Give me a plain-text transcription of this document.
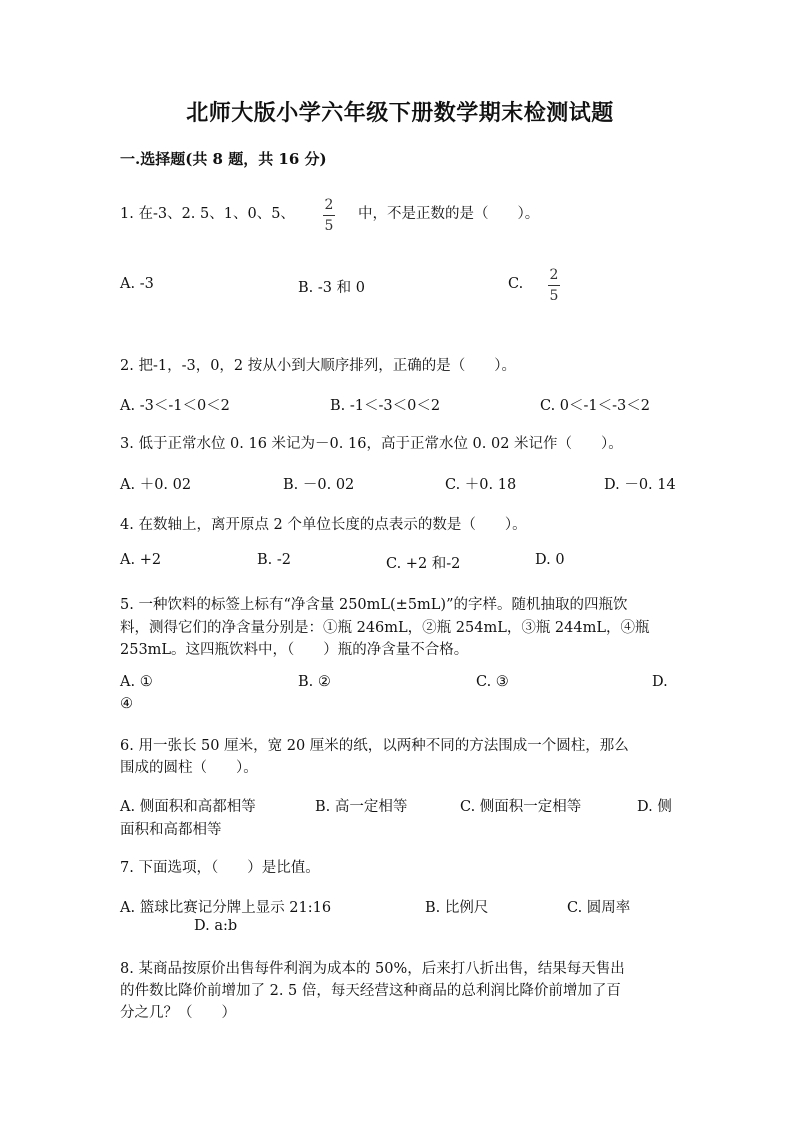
北师大版小学六年级下册数学期末检测试题
一.选择题(共 8 题，共 16 分)
1. 在-3、2. 5、1、0、5、
2
5
中，不是正数的是（　　）。
A. -3	B. -3 和 0	C.
2
5
2. 把-1，-3，0，2 按从小到大顺序排列，正确的是（　　）。
A. -3＜-1＜0＜2	B. -1＜-3＜0＜2	C. 0＜-1＜-3＜2
3. 低于正常水位 0. 16 米记为－0. 16，高于正常水位 0. 02 米记作（　　）。
A. ＋0. 02	B. －0. 02	C. ＋0. 18	D. －0. 14
4. 在数轴上，离开原点 2 个单位长度的点表示的数是（　　）。
A. +2	B. -2	C. +2 和-2	D. 0
5. 一种饮料的标签上标有“净含量 250mL(±5mL)”的字样。随机抽取的四瓶饮
料，测得它们的净含量分别是：①瓶 246mL，②瓶 254mL，③瓶 244mL，④瓶
253mL。这四瓶饮料中，（　　）瓶的净含量不合格。
A. ①	B. ②	C. ③	D.
④
6. 用一张长 50 厘米，宽 20 厘米的纸，以两种不同的方法围成一个圆柱，那么
围成的圆柱（　　）。
A. 侧面积和高都相等	B. 高一定相等	C. 侧面积一定相等	D. 侧
面积和高都相等
7. 下面选项，（　　）是比值。
A. 篮球比赛记分牌上显示 21:16	B. 比例尺	C. 圆周率
D. a:b
8. 某商品按原价出售每件利润为成本的 50%，后来打八折出售，结果每天售出
的件数比降价前增加了 2. 5 倍，每天经营这种商品的总利润比降价前增加了百
分之几？（　　）
